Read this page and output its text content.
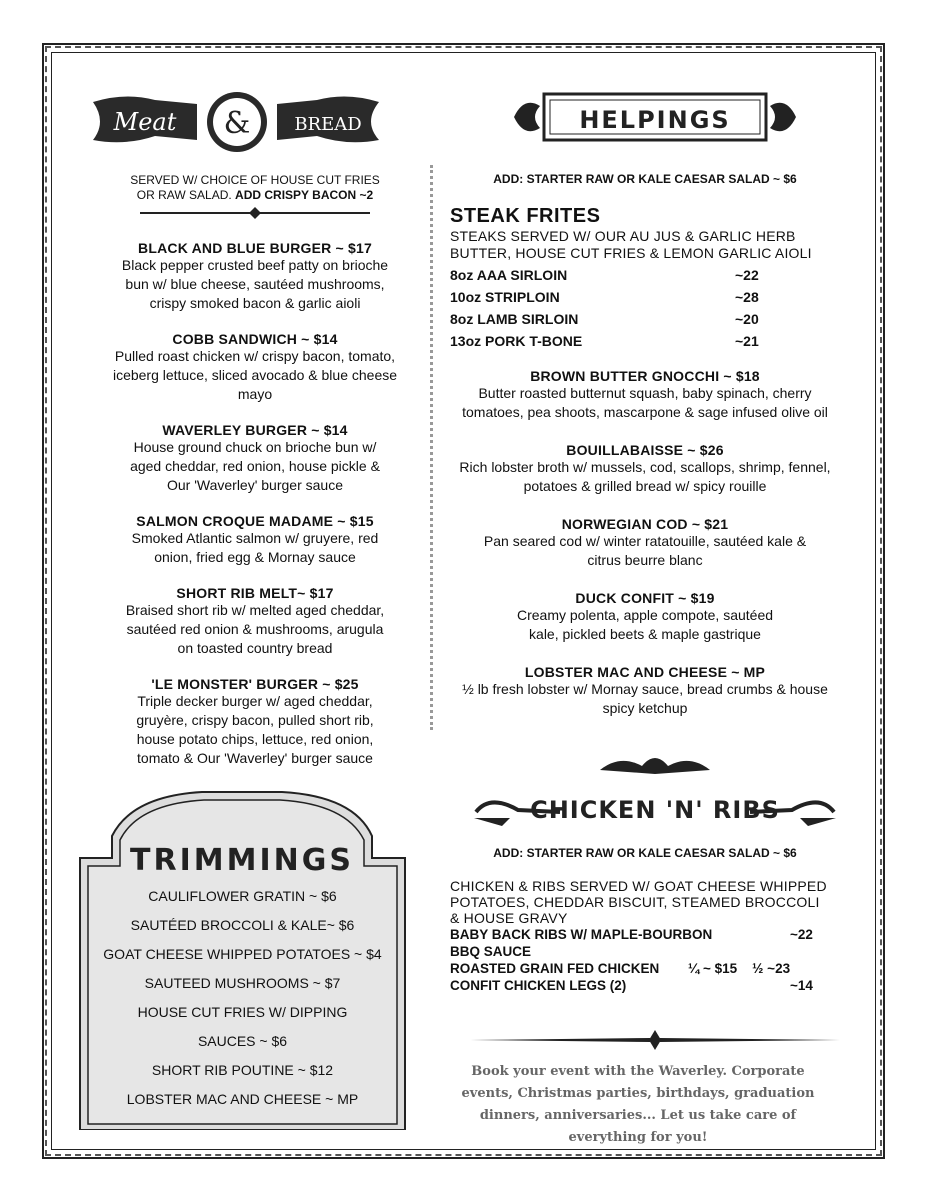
Meat & BREAD
SERVED W/ CHOICE OF HOUSE CUT FRIES
OR RAW SALAD. ADD CRISPY BACON ~2
BLACK AND BLUE BURGER ~ $17
Black pepper crusted beef patty on brioche
bun w/ blue cheese, sautéed mushrooms,
crispy smoked bacon & garlic aioli
COBB SANDWICH ~ $14
Pulled roast chicken w/ crispy bacon, tomato,
iceberg lettuce, sliced avocado & blue cheese
mayo
WAVERLEY BURGER ~ $14
House ground chuck on brioche bun w/
aged cheddar, red onion, house pickle &
Our 'Waverley' burger sauce
SALMON CROQUE MADAME ~ $15
Smoked Atlantic salmon w/ gruyere, red
onion, fried egg & Mornay sauce
SHORT RIB MELT~ $17
Braised short rib w/ melted aged cheddar,
sautéed red onion & mushrooms, arugula
on toasted country bread
'LE MONSTER' BURGER ~ $25
Triple decker burger w/ aged cheddar,
gruyère, crispy bacon, pulled short rib,
house potato chips, lettuce, red onion,
tomato & Our 'Waverley' burger sauce
TRIMMINGS
CAULIFLOWER GRATIN ~ $6
SAUTÉED BROCCOLI & KALE~ $6
GOAT CHEESE WHIPPED POTATOES ~ $4
SAUTEED MUSHROOMS ~ $7
HOUSE CUT FRIES W/ DIPPING
SAUCES ~ $6
SHORT RIB POUTINE ~ $12
LOBSTER MAC AND CHEESE ~ MP
HELPINGS
ADD: STARTER RAW OR KALE CAESAR SALAD ~ $6
STEAK FRITES
STEAKS SERVED W/ OUR AU JUS & GARLIC HERB
BUTTER, HOUSE CUT FRIES & LEMON GARLIC AIOLI
8oz AAA SIRLOIN	~22
10oz STRIPLOIN	~28
8oz LAMB SIRLOIN	~20
13oz PORK T-BONE	~21
BROWN BUTTER GNOCCHI ~ $18
Butter roasted butternut squash, baby spinach, cherry
tomatoes, pea shoots, mascarpone & sage infused olive oil
BOUILLABAISSE ~ $26
Rich lobster broth w/ mussels, cod, scallops, shrimp, fennel,
potatoes & grilled bread w/ spicy rouille
NORWEGIAN COD ~ $21
Pan seared cod w/ winter ratatouille, sautéed kale &
citrus beurre blanc
DUCK CONFIT ~ $19
Creamy polenta, apple compote, sautéed
kale, pickled beets & maple gastrique
LOBSTER MAC AND CHEESE ~ MP
½ lb fresh lobster w/ Mornay sauce, bread crumbs & house
spicy ketchup
CHICKEN 'N' RIBS
ADD: STARTER RAW OR KALE CAESAR SALAD ~ $6
CHICKEN & RIBS SERVED W/ GOAT CHEESE WHIPPED
POTATOES, CHEDDAR BISCUIT, STEAMED BROCCOLI
& HOUSE GRAVY
BABY BACK RIBS W/ MAPLE-BOURBON	~22
BBQ SAUCE
ROASTED GRAIN FED CHICKEN	¼ ~ $15    ½ ~23
CONFIT CHICKEN LEGS (2)	~14
Book your event with the Waverley. Corporate
events, Christmas parties, birthdays, graduation
dinners, anniversaries... Let us take care of
everything for you!
